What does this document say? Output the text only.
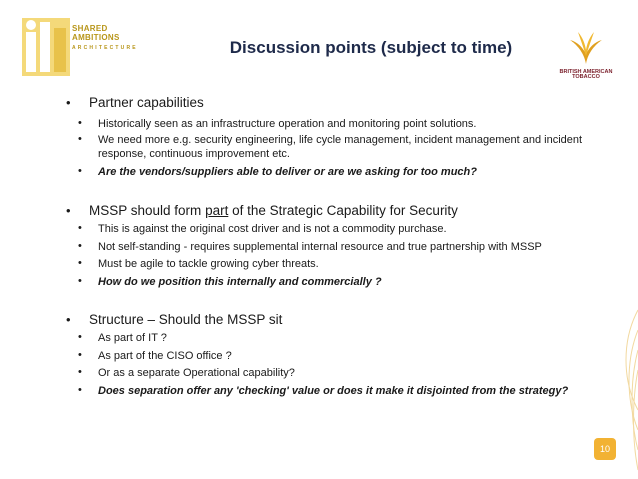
SHARED
AMBITIONS
ARCHITECTURE	Discussion points (subject to time)
BRITISH AMERICAN
TOBACCO
• Partner capabilities
• Historically seen as an infrastructure operation and monitoring point solutions.
• We need more e.g. security engineering, life cycle management, incident management and incident response, continuous improvement etc.
• Are the vendors/suppliers able to deliver or are we asking for too much?
• MSSP should form part of the Strategic Capability for Security
• This is against the original cost driver and is not a commodity purchase.
• Not self-standing - requires supplemental internal resource and true partnership with MSSP
• Must be agile to tackle growing cyber threats.
• How do we position this internally and commercially ?
• Structure – Should the MSSP sit
• As part of IT ?
• As part of the CISO office ?
• Or as a separate Operational capability?
• Does separation offer any 'checking' value or does it make it disjointed from the strategy?
10
